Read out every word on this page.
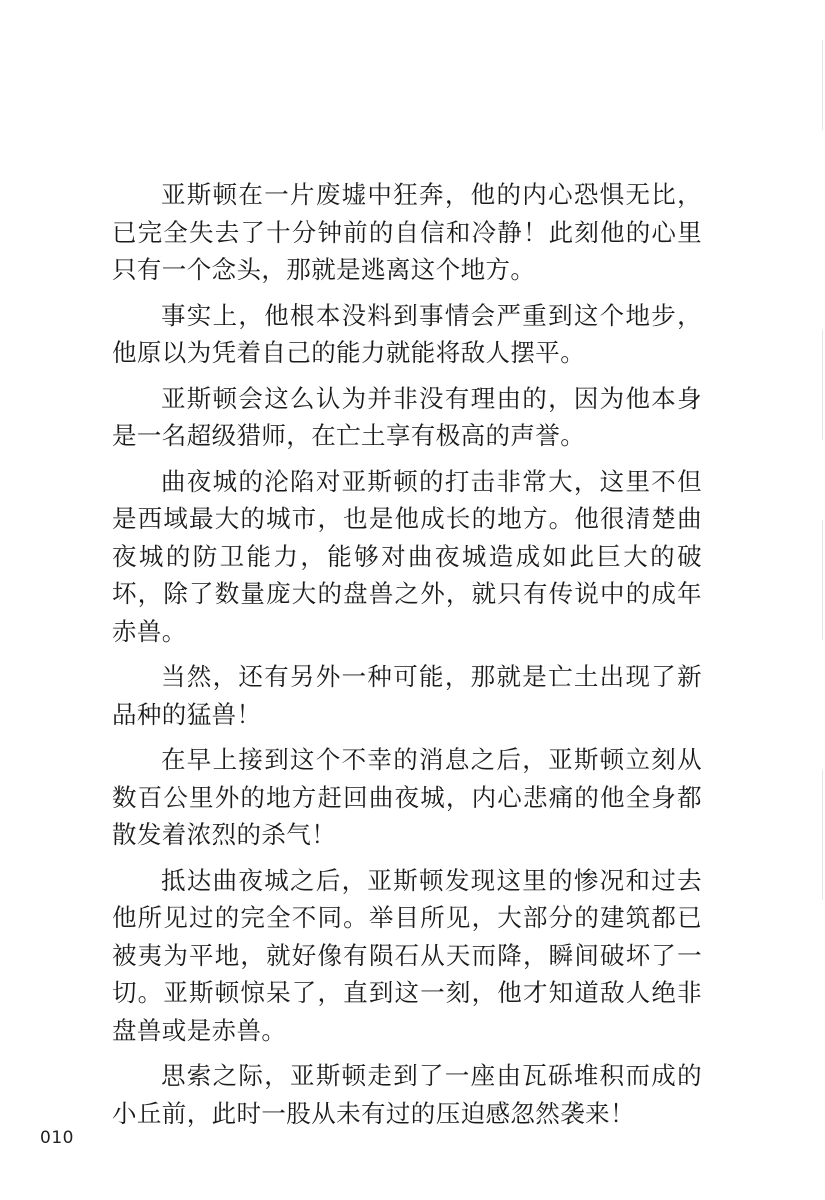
亚斯顿在一片废墟中狂奔，他的内心恐惧无比，已完全失去了十分钟前的自信和冷静！此刻他的心里只有一个念头，那就是逃离这个地方。

事实上，他根本没料到事情会严重到这个地步，他原以为凭着自己的能力就能将敌人摆平。

亚斯顿会这么认为并非没有理由的，因为他本身是一名超级猎师，在亡土享有极高的声誉。

曲夜城的沦陷对亚斯顿的打击非常大，这里不但是西域最大的城市，也是他成长的地方。他很清楚曲夜城的防卫能力，能够对曲夜城造成如此巨大的破坏，除了数量庞大的盘兽之外，就只有传说中的成年赤兽。

当然，还有另外一种可能，那就是亡土出现了新品种的猛兽！

在早上接到这个不幸的消息之后，亚斯顿立刻从数百公里外的地方赶回曲夜城，内心悲痛的他全身都散发着浓烈的杀气！

抵达曲夜城之后，亚斯顿发现这里的惨况和过去他所见过的完全不同。举目所见，大部分的建筑都已被夷为平地，就好像有陨石从天而降，瞬间破坏了一切。亚斯顿惊呆了，直到这一刻，他才知道敌人绝非盘兽或是赤兽。

思索之际，亚斯顿走到了一座由瓦砾堆积而成的小丘前，此时一股从未有过的压迫感忽然袭来！

010
